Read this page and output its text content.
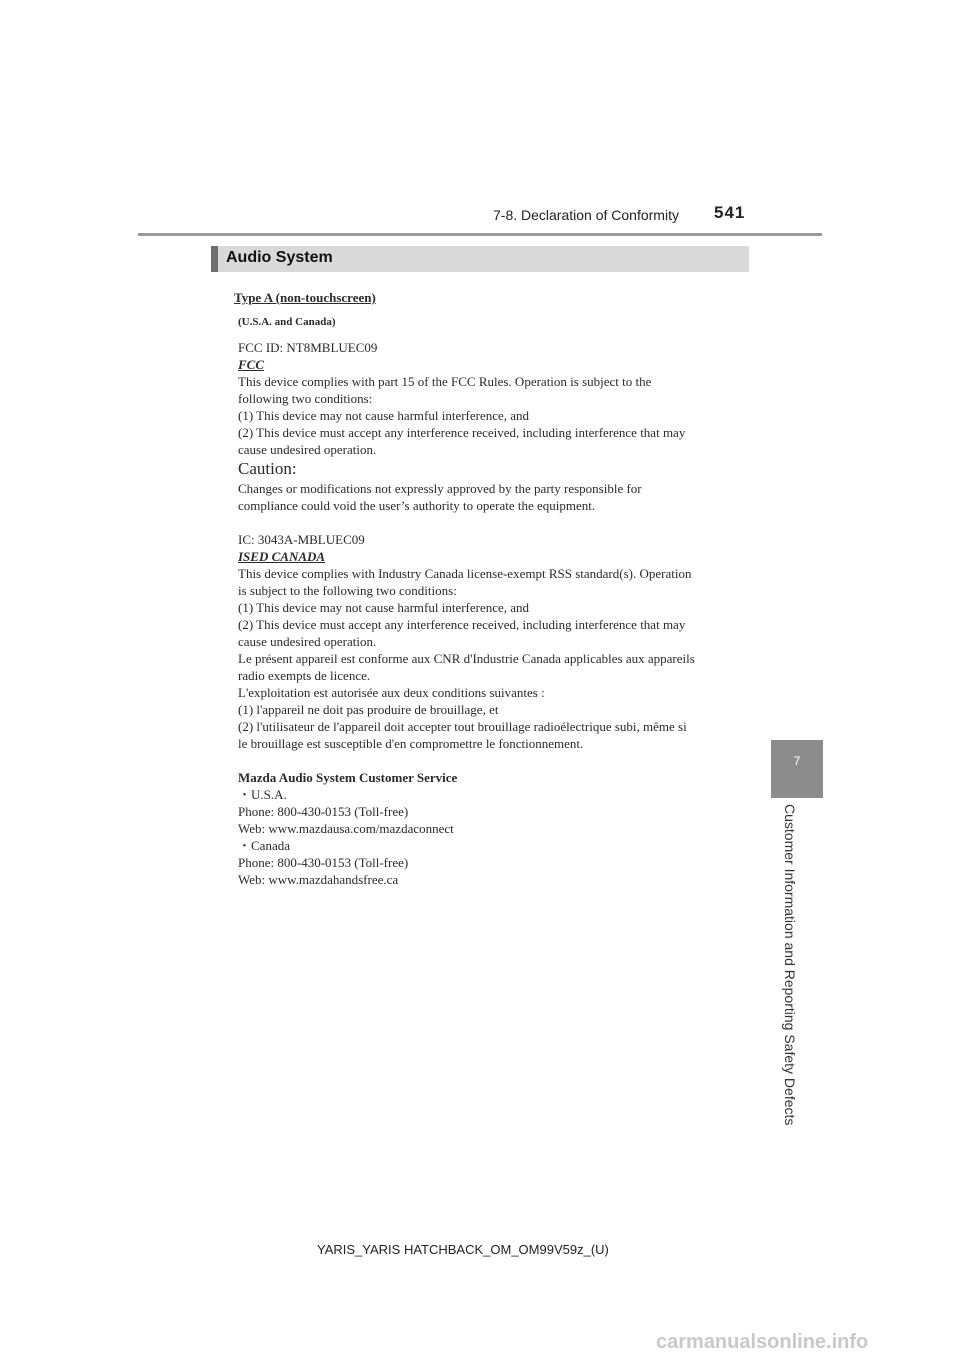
7-8. Declaration of Conformity	541
Audio System
7
Customer Information and Reporting Safety Defects
Type A (non-touchscreen)
(U.S.A. and Canada)
FCC ID: NT8MBLUEC09
FCC
This device complies with part 15 of the FCC Rules. Operation is subject to the
following two conditions:
(1) This device may not cause harmful interference, and
(2) This device must accept any interference received, including interference that may
cause undesired operation.
Caution:
Changes or modifications not expressly approved by the party responsible for
compliance could void the user’s authority to operate the equipment.
IC: 3043A-MBLUEC09
ISED CANADA
This device complies with Industry Canada license-exempt RSS standard(s). Operation
is subject to the following two conditions:
(1) This device may not cause harmful interference, and
(2) This device must accept any interference received, including interference that may
cause undesired operation.
Le présent appareil est conforme aux CNR d'Industrie Canada applicables aux appareils
radio exempts de licence.
L'exploitation est autorisée aux deux conditions suivantes :
(1) l'appareil ne doit pas produire de brouillage, et
(2) l'utilisateur de l'appareil doit accepter tout brouillage radioélectrique subi, même si
le brouillage est susceptible d'en compromettre le fonctionnement.
Mazda Audio System Customer Service
・U.S.A.
Phone: 800-430-0153 (Toll-free)
Web: www.mazdausa.com/mazdaconnect
・Canada
Phone: 800-430-0153 (Toll-free)
Web: www.mazdahandsfree.ca
YARIS_YARIS HATCHBACK_OM_OM99V59z_(U)
carmanualsonline.info
